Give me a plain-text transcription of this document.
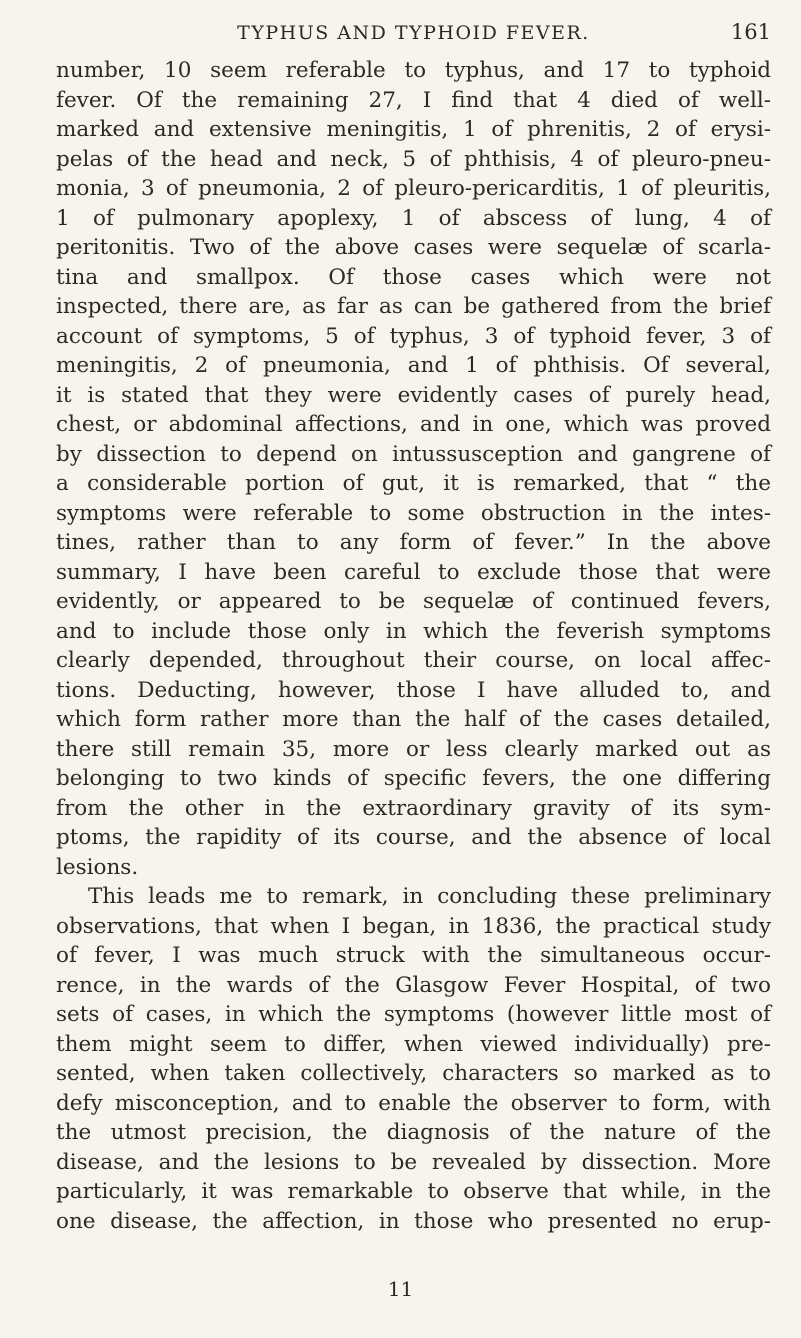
TYPHUS AND TYPHOID FEVER.	161
number, 10 seem referable to typhus, and 17 to typhoid
fever. Of the remaining 27, I find that 4 died of well-
marked and extensive meningitis, 1 of phrenitis, 2 of erysi-
pelas of the head and neck, 5 of phthisis, 4 of pleuro-pneu-
monia, 3 of pneumonia, 2 of pleuro-pericarditis, 1 of pleuritis,
1 of pulmonary apoplexy, 1 of abscess of lung, 4 of
peritonitis. Two of the above cases were sequelæ of scarla-
tina and smallpox. Of those cases which were not
inspected, there are, as far as can be gathered from the brief
account of symptoms, 5 of typhus, 3 of typhoid fever, 3 of
meningitis, 2 of pneumonia, and 1 of phthisis. Of several,
it is stated that they were evidently cases of purely head,
chest, or abdominal affections, and in one, which was proved
by dissection to depend on intussusception and gangrene of
a considerable portion of gut, it is remarked, that “ the
symptoms were referable to some obstruction in the intes-
tines, rather than to any form of fever.” In the above
summary, I have been careful to exclude those that were
evidently, or appeared to be sequelæ of continued fevers,
and to include those only in which the feverish symptoms
clearly depended, throughout their course, on local affec-
tions. Deducting, however, those I have alluded to, and
which form rather more than the half of the cases detailed,
there still remain 35, more or less clearly marked out as
belonging to two kinds of specific fevers, the one differing
from the other in the extraordinary gravity of its sym-
ptoms, the rapidity of its course, and the absence of local
lesions.
This leads me to remark, in concluding these preliminary
observations, that when I began, in 1836, the practical study
of fever, I was much struck with the simultaneous occur-
rence, in the wards of the Glasgow Fever Hospital, of two
sets of cases, in which the symptoms (however little most of
them might seem to differ, when viewed individually) pre-
sented, when taken collectively, characters so marked as to
defy misconception, and to enable the observer to form, with
the utmost precision, the diagnosis of the nature of the
disease, and the lesions to be revealed by dissection. More
particularly, it was remarkable to observe that while, in the
one disease, the affection, in those who presented no erup-
11
